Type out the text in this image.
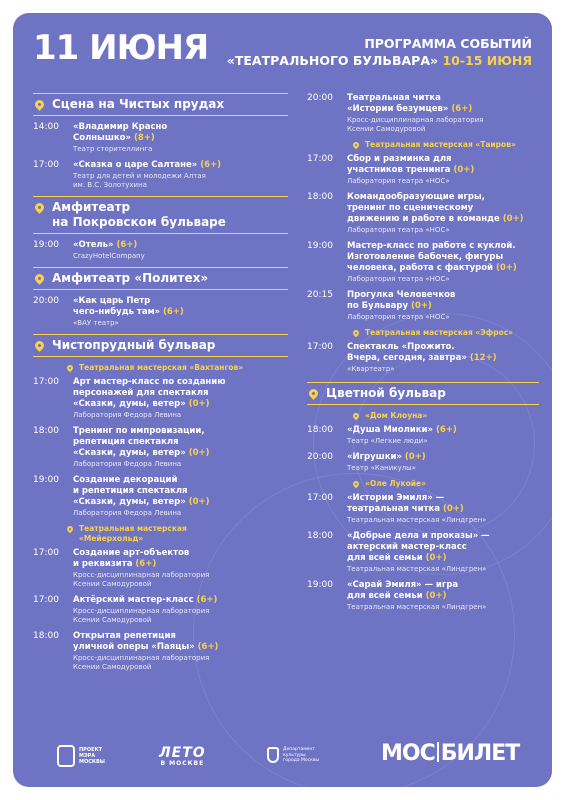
11 ИЮНЯ	ПРОГРАММА СОБЫТИЙ
«ТЕАТРАЛЬНОГО БУЛЬВАРА» 10-15 ИЮНЯ
Сцена на Чистых прудах
14:00	«Владимир Красно
Солнышко» (8+)
Театр сторителлинга
17:00	«Сказка о царе Салтане» (6+)
Театр для детей и молодежи Алтая
им. В.С. Золотухина
Амфитеатр
на Покровском бульваре
19:00	«Отель» (6+)
CrazyHotelCompany
Амфитеатр «Политех»
20:00	«Как царь Петр
чего-нибудь там» (6+)
«ВАУ театр»
Чистопрудный бульвар
Театральная мастерская «Вахтангов»
17:00	Арт мастер-класс по созданию
персонажей для спектакля
«Сказки, думы, ветер» (0+)
Лаборатория Федора Левина
18:00	Тренинг по импровизации,
репетиция спектакля
«Сказки, думы, ветер» (0+)
Лаборатория Федора Левина
19:00	Создание декораций
и репетиция спектакля
«Сказки, думы, ветер» (0+)
Лаборатория Федора Левина
Театральная мастерская
«Мейерхольд»
17:00	Создание арт-объектов
и реквизита (6+)
Кросс-дисциплинарная лаборатория
Ксении Самодуровой
17:00	Актёрский мастер-класс (6+)
Кросс-дисциплинарная лаборатория
Ксении Самодуровой
18:00	Открытая репетиция
уличной оперы «Паяцы» (6+)
Кросс-дисциплинарная лаборатория
Ксении Самодуровой
20:00	Театральная читка
«Истории безумцев» (6+)
Кросс-дисциплинарная лаборатория
Ксении Самодуровой
Театральная мастерская «Таиров»
17:00	Сбор и разминка для
участников тренинга (0+)
Лаборатория театра «НОС»
18:00	Командообразующие игры,
тренинг по сценическому
движению и работе в команде (0+)
Лаборатория театра «НОС»
19:00	Мастер-класс по работе с куклой.
Изготовление бабочек, фигуры
человека, работа с фактурой (0+)
Лаборатория театра «НОС»
20:15	Прогулка Человечков
по Бульвару (0+)
Лаборатория театра «НОС»
Театральная мастерская «Эфрос»
17:00	Спектакль «Прожито.
Вчера, сегодня, завтра» (12+)
«Квартеатр»
Цветной бульвар
«Дом Клоуна»
18:00	«Душа Миолики» (6+)
Театр «Легкие люди»
20:00	«Игрушки» (0+)
Театр «Каникулы»
«Оле Лукойе»
17:00	«Истории Эмиля» —
театральная читка (0+)
Театральная мастерская «Линдгрен»
18:00	«Добрые дела и проказы» —
актерский мастер-класс
для всей семьи (0+)
Театральная мастерская «Линдгрен»
19:00	«Сарай Эмиля» — игра
для всей семьи (0+)
Театральная мастерская «Линдгрен»
ПРОЕКТ
МЭРА
МОСКВЫ
ЛЕТО
В МОСКВЕ
Департамент
культуры
города Москвы	МОС БИЛЕТ
